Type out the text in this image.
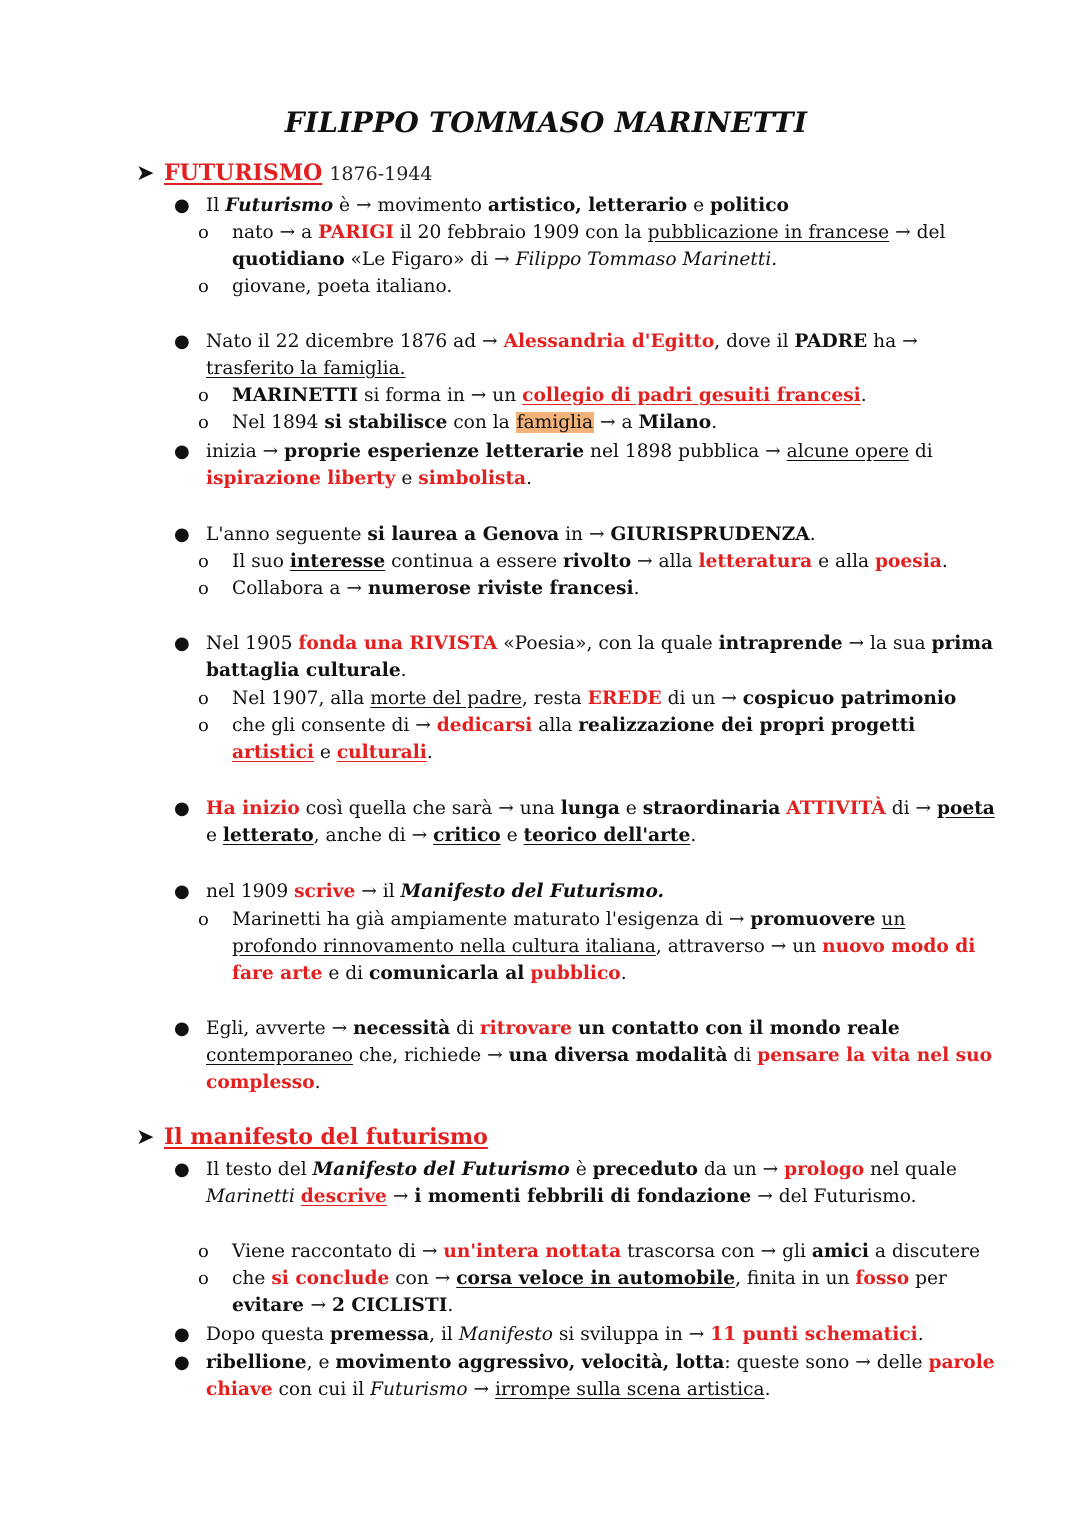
FILIPPO TOMMASO MARINETTI
➤ FUTURISMO 1876-1944
● Il Futurismo è → movimento artistico, letterario e politico
o nato → a PARIGI il 20 febbraio 1909 con la pubblicazione in francese → del
quotidiano «Le Figaro» di → Filippo Tommaso Marinetti.
o giovane, poeta italiano.
● Nato il 22 dicembre 1876 ad → Alessandria d'Egitto, dove il PADRE ha →
trasferito la famiglia.
o MARINETTI si forma in → un collegio di padri gesuiti francesi.
o Nel 1894 si stabilisce con la famiglia → a Milano.
● inizia → proprie esperienze letterarie nel 1898 pubblica → alcune opere di
ispirazione liberty e simbolista.
● L'anno seguente si laurea a Genova in → GIURISPRUDENZA.
o Il suo interesse continua a essere rivolto → alla letteratura e alla poesia.
o Collabora a → numerose riviste francesi.
● Nel 1905 fonda una RIVISTA «Poesia», con la quale intraprende → la sua prima
battaglia culturale.
o Nel 1907, alla morte del padre, resta EREDE di un → cospicuo patrimonio
o che gli consente di → dedicarsi alla realizzazione dei propri progetti
artistici e culturali.
● Ha inizio così quella che sarà → una lunga e straordinaria ATTIVITÀ di → poeta
e letterato, anche di → critico e teorico dell'arte.
● nel 1909 scrive → il Manifesto del Futurismo.
o Marinetti ha già ampiamente maturato l'esigenza di → promuovere un
profondo rinnovamento nella cultura italiana, attraverso → un nuovo modo di
fare arte e di comunicarla al pubblico.
● Egli, avverte → necessità di ritrovare un contatto con il mondo reale
contemporaneo che, richiede → una diversa modalità di pensare la vita nel suo
complesso.
➤ Il manifesto del futurismo
● Il testo del Manifesto del Futurismo è preceduto da un → prologo nel quale
Marinetti descrive → i momenti febbrili di fondazione → del Futurismo.
o Viene raccontato di → un'intera nottata trascorsa con → gli amici a discutere
o che si conclude con → corsa veloce in automobile, finita in un fosso per
evitare → 2 CICLISTI.
● Dopo questa premessa, il Manifesto si sviluppa in → 11 punti schematici.
● ribellione, e movimento aggressivo, velocità, lotta: queste sono → delle parole
chiave con cui il Futurismo → irrompe sulla scena artistica.
